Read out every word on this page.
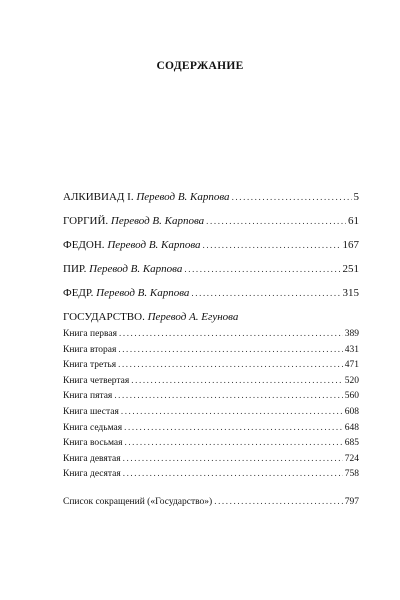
СОДЕРЖАНИЕ
АЛКИВИАД I. Перевод В. Карпова .....	5
ГОРГИЙ. Перевод В. Карпова .....	61
ФЕДОН. Перевод В. Карпова .....	167
ПИР. Перевод В. Карпова .....	251
ФЕДР. Перевод В. Карпова .....	315
ГОСУДАРСТВО. Перевод А. Егунова
Книга первая .....	389
Книга вторая .....	431
Книга третья .....	471
Книга четвертая .....	520
Книга пятая .....	560
Книга шестая .....	608
Книга седьмая .....	648
Книга восьмая .....	685
Книга девятая .....	724
Книга десятая .....	758
Список сокращений («Государство») .....	797
